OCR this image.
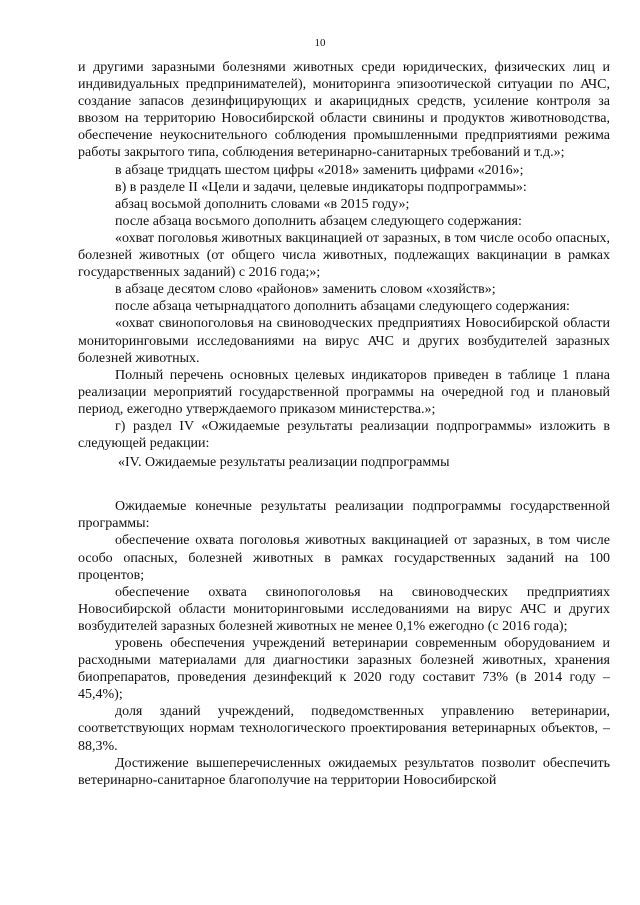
10

и другими заразными болезнями животных среди юридических, физических лиц и индивидуальных предпринимателей), мониторинга эпизоотической ситуации по АЧС, создание запасов дезинфицирующих и акарицидных средств, усиление контроля за ввозом на территорию Новосибирской области свинины и продуктов животноводства, обеспечение неукоснительного соблюдения промышленными предприятиями режима работы закрытого типа, соблюдения ветеринарно-санитарных требований и т.д.»;

в абзаце тридцать шестом цифры «2018» заменить цифрами «2016»;

в) в разделе II «Цели и задачи, целевые индикаторы подпрограммы»:

абзац восьмой дополнить словами «в 2015 году»;

после абзаца восьмого дополнить абзацем следующего содержания:

«охват поголовья животных вакцинацией от заразных, в том числе особо опасных, болезней животных (от общего числа животных, подлежащих вакцинации в рамках государственных заданий) с 2016 года;»;

в абзаце десятом слово «районов» заменить словом «хозяйств»;

после абзаца четырнадцатого дополнить абзацами следующего содержания:

«охват свинопоголовья на свиноводческих предприятиях Новосибирской области мониторинговыми исследованиями на вирус АЧС и других возбудителей заразных болезней животных.

Полный перечень основных целевых индикаторов приведен в таблице 1 плана реализации мероприятий государственной программы на очередной год и плановый период, ежегодно утверждаемого приказом министерства.»;

г) раздел IV «Ожидаемые результаты реализации подпрограммы» изложить в следующей редакции:

«IV. Ожидаемые результаты реализации подпрограммы

Ожидаемые конечные результаты реализации подпрограммы государственной программы:

обеспечение охвата поголовья животных вакцинацией от заразных, в том числе особо опасных, болезней животных в рамках государственных заданий на 100 процентов;

обеспечение охвата свинопоголовья на свиноводческих предприятиях Новосибирской области мониторинговыми исследованиями на вирус АЧС и других возбудителей заразных болезней животных не менее 0,1% ежегодно (с 2016 года);

уровень обеспечения учреждений ветеринарии современным оборудованием и расходными материалами для диагностики заразных болезней животных, хранения биопрепаратов, проведения дезинфекций к 2020 году составит 73% (в 2014 году – 45,4%);

доля зданий учреждений, подведомственных управлению ветеринарии, соответствующих нормам технологического проектирования ветеринарных объектов, – 88,3%.

Достижение вышеперечисленных ожидаемых результатов позволит обеспечить ветеринарно-санитарное благополучие на территории Новосибирской
